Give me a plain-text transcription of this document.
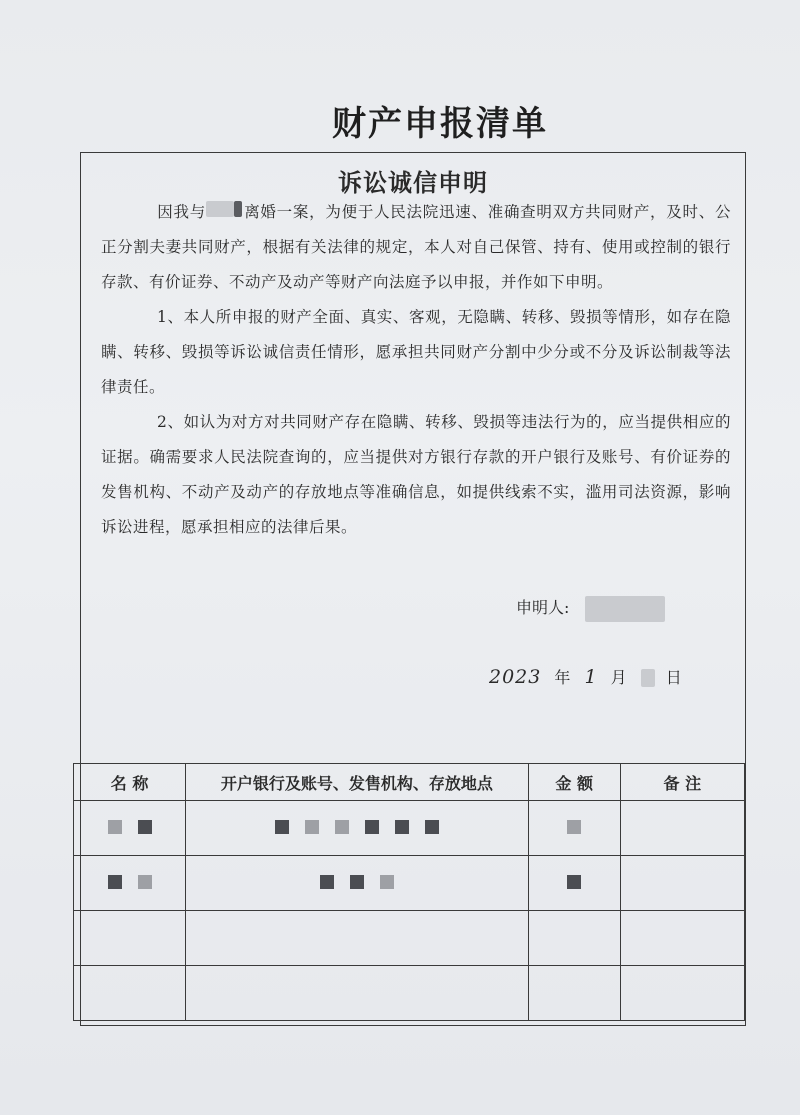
财产申报清单
诉讼诚信申明
因我与 离婚一案，为便于人民法院迅速、准确查明双方共同财产，及时、公正分割夫妻共同财产，根据有关法律的规定，本人对自己保管、持有、使用或控制的银行存款、有价证券、不动产及动产等财产向法庭予以申报，并作如下申明。
1、本人所申报的财产全面、真实、客观，无隐瞒、转移、毁损等情形，如存在隐瞒、转移、毁损等诉讼诚信责任情形，愿承担共同财产分割中少分或不分及诉讼制裁等法律责任。
2、如认为对方对共同财产存在隐瞒、转移、毁损等违法行为的，应当提供相应的证据。确需要求人民法院查询的，应当提供对方银行存款的开户银行及账号、有价证券的发售机构、不动产及动产的存放地点等准确信息，如提供线索不实，滥用司法资源，影响诉讼进程，愿承担相应的法律后果。
申明人:
2023 年 1 月 日
名 称	开户银行及账号、发售机构、存放地点	金 额	备 注
